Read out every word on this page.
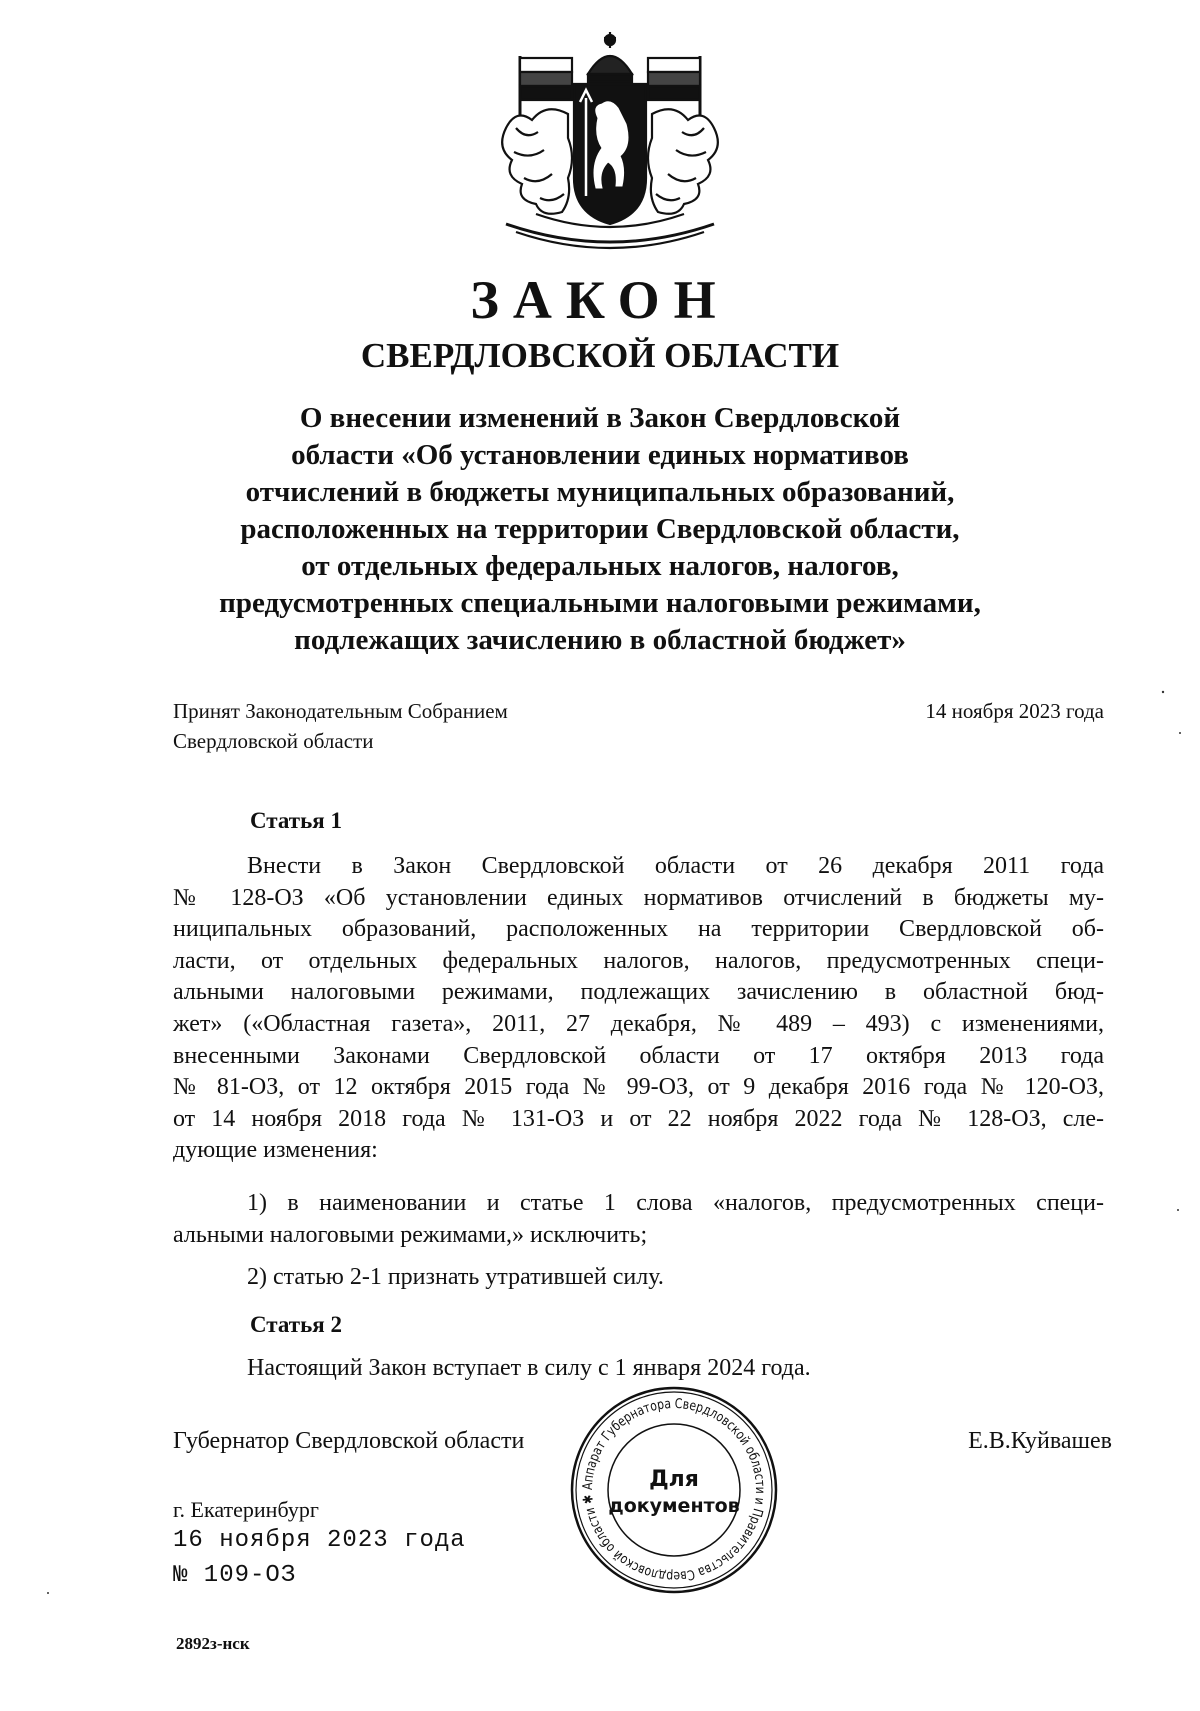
ЗАКОН
СВЕРДЛОВСКОЙ ОБЛАСТИ
О внесении изменений в Закон Свердловской
области «Об установлении единых нормативов
отчислений в бюджеты муниципальных образований,
расположенных на территории Свердловской области,
от отдельных федеральных налогов, налогов,
предусмотренных специальными налоговыми режимами,
подлежащих зачислению в областной бюджет»
Принят Законодательным Собранием
Свердловской области
14 ноября 2023 года
Статья 1
Внести в Закон Свердловской области от 26 декабря 2011 года
№ 128-ОЗ «Об установлении единых нормативов отчислений в бюджеты му-
ниципальных образований, расположенных на территории Свердловской об-
ласти, от отдельных федеральных налогов, налогов, предусмотренных специ-
альными налоговыми режимами, подлежащих зачислению в областной бюд-
жет» («Областная газета», 2011, 27 декабря, № 489 – 493) с изменениями,
внесенными Законами Свердловской области от 17 октября 2013 года
№ 81-ОЗ, от 12 октября 2015 года № 99-ОЗ, от 9 декабря 2016 года № 120-ОЗ,
от 14 ноября 2018 года № 131-ОЗ и от 22 ноября 2022 года № 128-ОЗ, сле-
дующие изменения:
1) в наименовании и статье 1 слова «налогов, предусмотренных специ-
альными налоговыми режимами,» исключить;
2) статью 2-1 признать утратившей силу.
Статья 2
Настоящий Закон вступает в силу с 1 января 2024 года.
Губернатор Свердловской области	Е.В.Куйвашев
г. Екатеринбург
16 ноября 2023 года
№ 109-ОЗ
2892з-нск
Аппарат Губернатора Свердловской области и Правительства Свердловской области ✱
Для
документов
